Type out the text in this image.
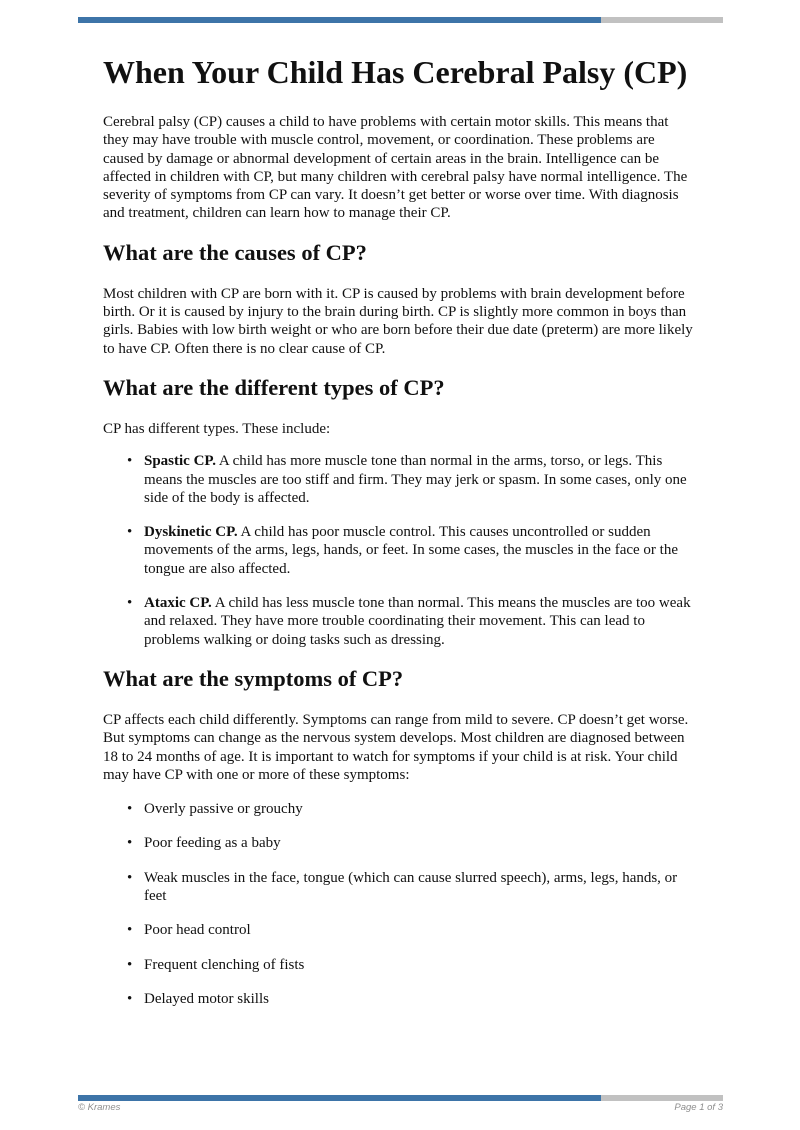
When Your Child Has Cerebral Palsy (CP)

Cerebral palsy (CP) causes a child to have problems with certain motor skills. This means that they may have trouble with muscle control, movement, or coordination. These problems are caused by damage or abnormal development of certain areas in the brain. Intelligence can be affected in children with CP, but many children with cerebral palsy have normal intelligence. The severity of symptoms from CP can vary. It doesn’t get better or worse over time. With diagnosis and treatment, children can learn how to manage their CP.

What are the causes of CP?

Most children with CP are born with it. CP is caused by problems with brain development before birth. Or it is caused by injury to the brain during birth. CP is slightly more common in boys than girls. Babies with low birth weight or who are born before their due date (preterm) are more likely to have CP. Often there is no clear cause of CP.

What are the different types of CP?

CP has different types. These include:

• Spastic CP. A child has more muscle tone than normal in the arms, torso, or legs. This means the muscles are too stiff and firm. They may jerk or spasm. In some cases, only one side of the body is affected.
• Dyskinetic CP. A child has poor muscle control. This causes uncontrolled or sudden movements of the arms, legs, hands, or feet. In some cases, the muscles in the face or the tongue are also affected.
• Ataxic CP. A child has less muscle tone than normal. This means the muscles are too weak and relaxed. They have more trouble coordinating their movement. This can lead to problems walking or doing tasks such as dressing.
What are the symptoms of CP?

CP affects each child differently. Symptoms can range from mild to severe. CP doesn’t get worse. But symptoms can change as the nervous system develops. Most children are diagnosed between 18 to 24 months of age. It is important to watch for symptoms if your child is at risk. Your child may have CP with one or more of these symptoms:

• Overly passive or grouchy
• Poor feeding as a baby
• Weak muscles in the face, tongue (which can cause slurred speech), arms, legs, hands, or feet
• Poor head control
• Frequent clenching of fists
• Delayed motor skills
© Krames	Page 1 of 3
